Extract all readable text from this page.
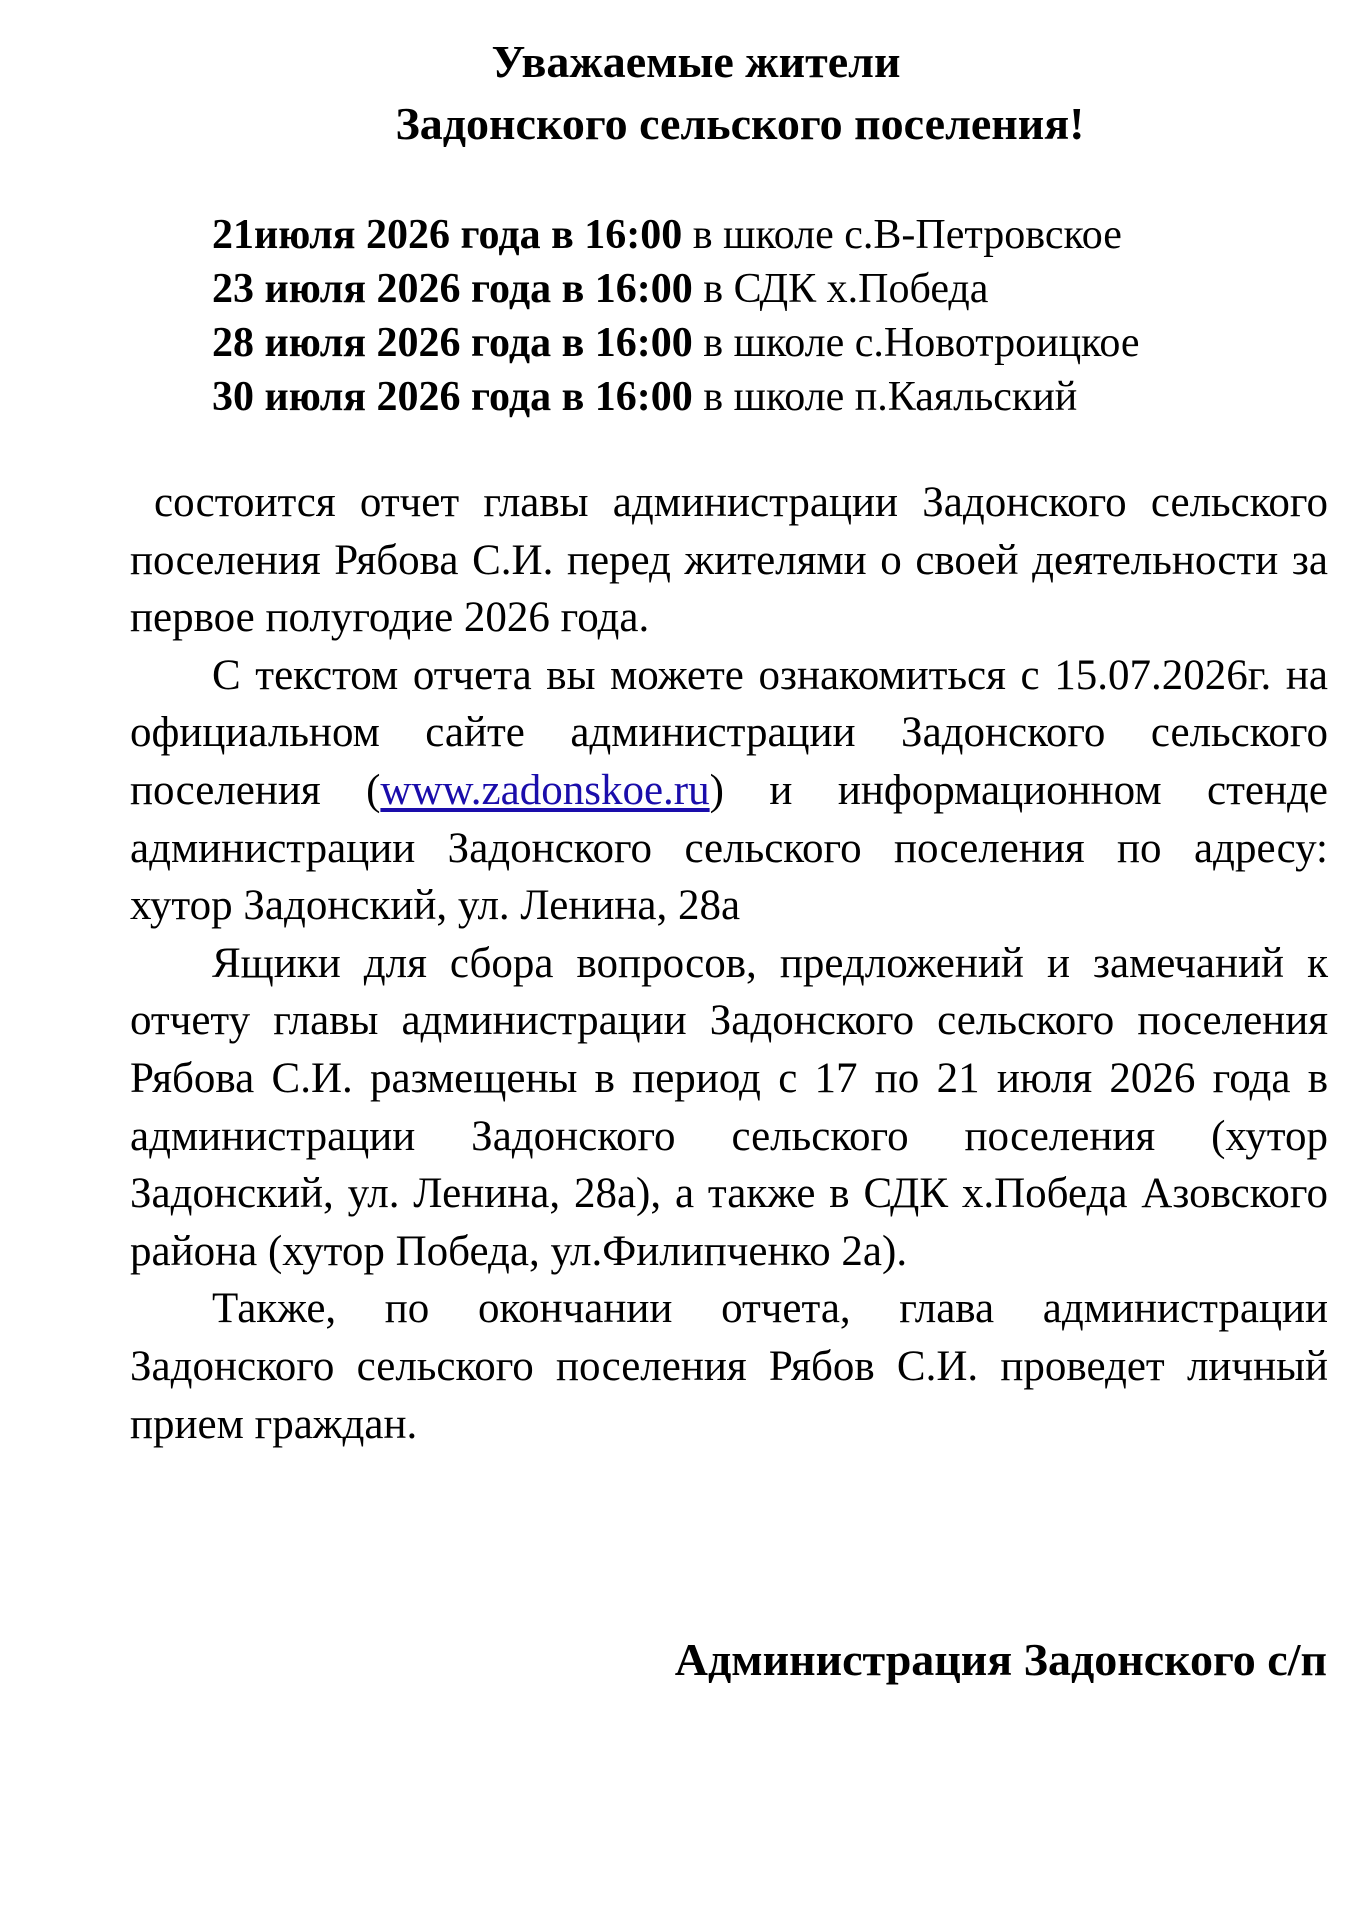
Уважаемые жители
Задонского сельского поселения!
21июля 2026 года в 16:00 в школе с.В-Петровское
23 июля 2026 года в 16:00 в СДК х.Победа
28 июля 2026 года в 16:00 в школе с.Новотроицкое
30 июля 2026 года в 16:00 в школе п.Каяльский

состоится отчет главы администрации Задонского сельского поселения Рябова С.И. перед жителями о своей деятельности за первое полугодие 2026 года.

С текстом отчета вы можете ознакомиться с 15.07.2026г. на официальном сайте администрации Задонского сельского поселения (www.zadonskoe.ru) и информационном стенде администрации Задонского сельского поселения по адресу: хутор Задонский, ул. Ленина, 28а

Ящики для сбора вопросов, предложений и замечаний к отчету главы администрации Задонского сельского поселения Рябова С.И. размещены в период с 17 по 21 июля 2026 года в администрации Задонского сельского поселения (хутор Задонский, ул. Ленина, 28а), а также в СДК х.Победа Азовского района (хутор Победа, ул.Филипченко 2а).

Также, по окончании отчета, глава администрации Задонского сельского поселения Рябов С.И. проведет личный прием граждан.

Администрация Задонского с/п
